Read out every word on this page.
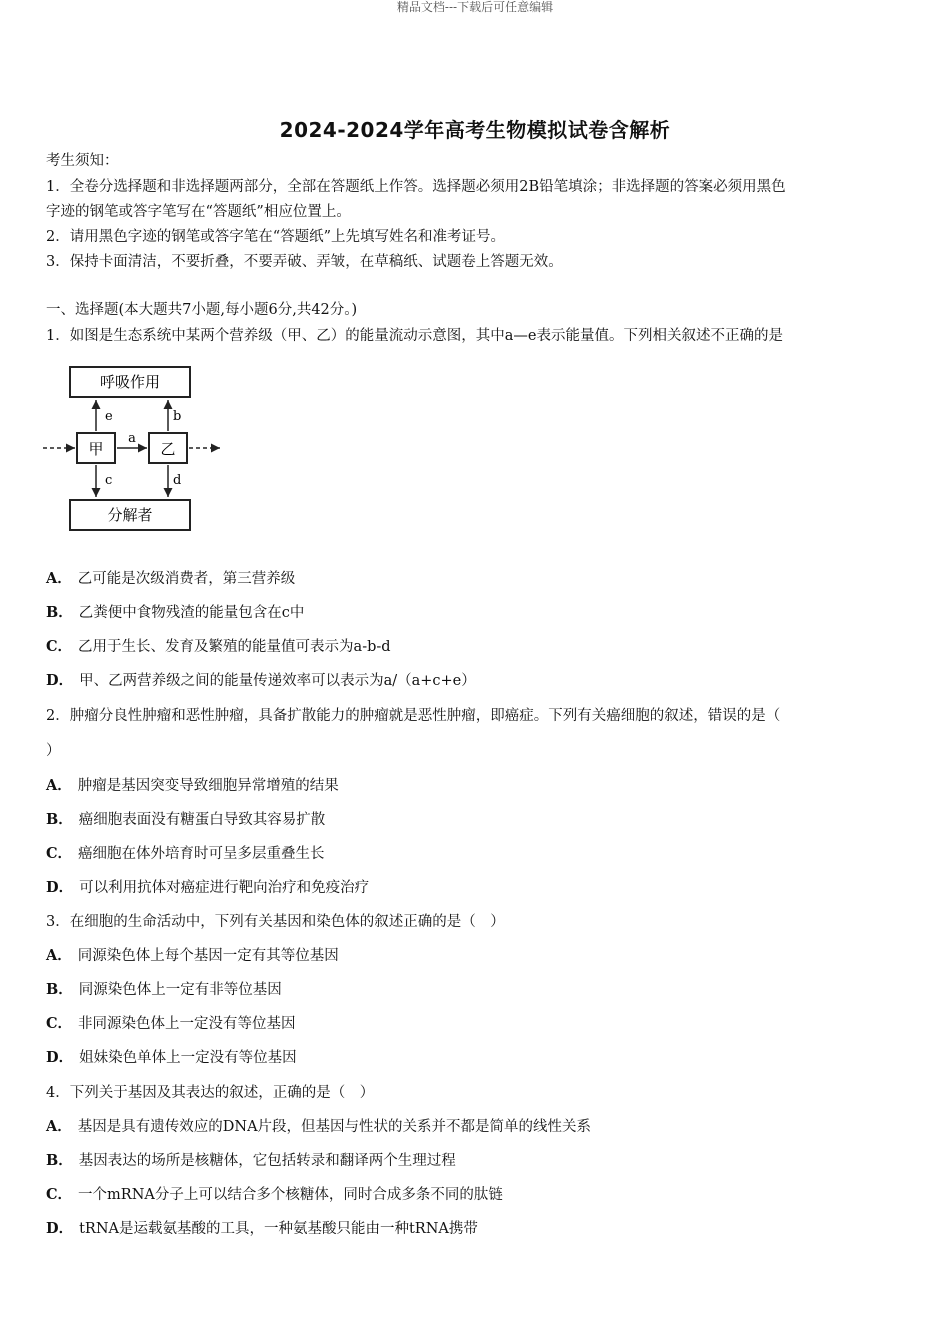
精品文档---下载后可任意编辑
2024-2024学年高考生物模拟试卷含解析
考生须知：
1．全卷分选择题和非选择题两部分，全部在答题纸上作答。选择题必须用2B铅笔填涂；非选择题的答案必须用黑色
字迹的钢笔或答字笔写在“答题纸”相应位置上。
2．请用黑色字迹的钢笔或答字笔在“答题纸”上先填写姓名和准考证号。
3．保持卡面清洁，不要折叠，不要弄破、弄皱，在草稿纸、试题卷上答题无效。
一、选择题(本大题共7小题,每小题6分,共42分。)
1．如图是生态系统中某两个营养级（甲、乙）的能量流动示意图，其中a—e表示能量值。下列相关叙述不正确的是
呼吸作用
分解者
甲	乙
a
e	b
c	d
A． 乙可能是次级消费者，第三营养级
B． 乙粪便中食物残渣的能量包含在c中
C． 乙用于生长、发育及繁殖的能量值可表示为a-b-d
D． 甲、乙两营养级之间的能量传递效率可以表示为a/（a+c+e）
2．肿瘤分良性肿瘤和恶性肿瘤，具备扩散能力的肿瘤就是恶性肿瘤，即癌症。下列有关癌细胞的叙述，错误的是（
）
A． 肿瘤是基因突变导致细胞异常增殖的结果
B． 癌细胞表面没有糖蛋白导致其容易扩散
C． 癌细胞在体外培育时可呈多层重叠生长
D． 可以利用抗体对癌症进行靶向治疗和免疫治疗
3．在细胞的生命活动中，下列有关基因和染色体的叙述正确的是（　）
A． 同源染色体上每个基因一定有其等位基因
B． 同源染色体上一定有非等位基因
C． 非同源染色体上一定没有等位基因
D． 姐妹染色单体上一定没有等位基因
4．下列关于基因及其表达的叙述，正确的是（　）
A． 基因是具有遗传效应的DNA片段，但基因与性状的关系并不都是简单的线性关系
B． 基因表达的场所是核糖体，它包括转录和翻译两个生理过程
C． 一个mRNA分子上可以结合多个核糖体，同时合成多条不同的肽链
D． tRNA是运载氨基酸的工具，一种氨基酸只能由一种tRNA携带
